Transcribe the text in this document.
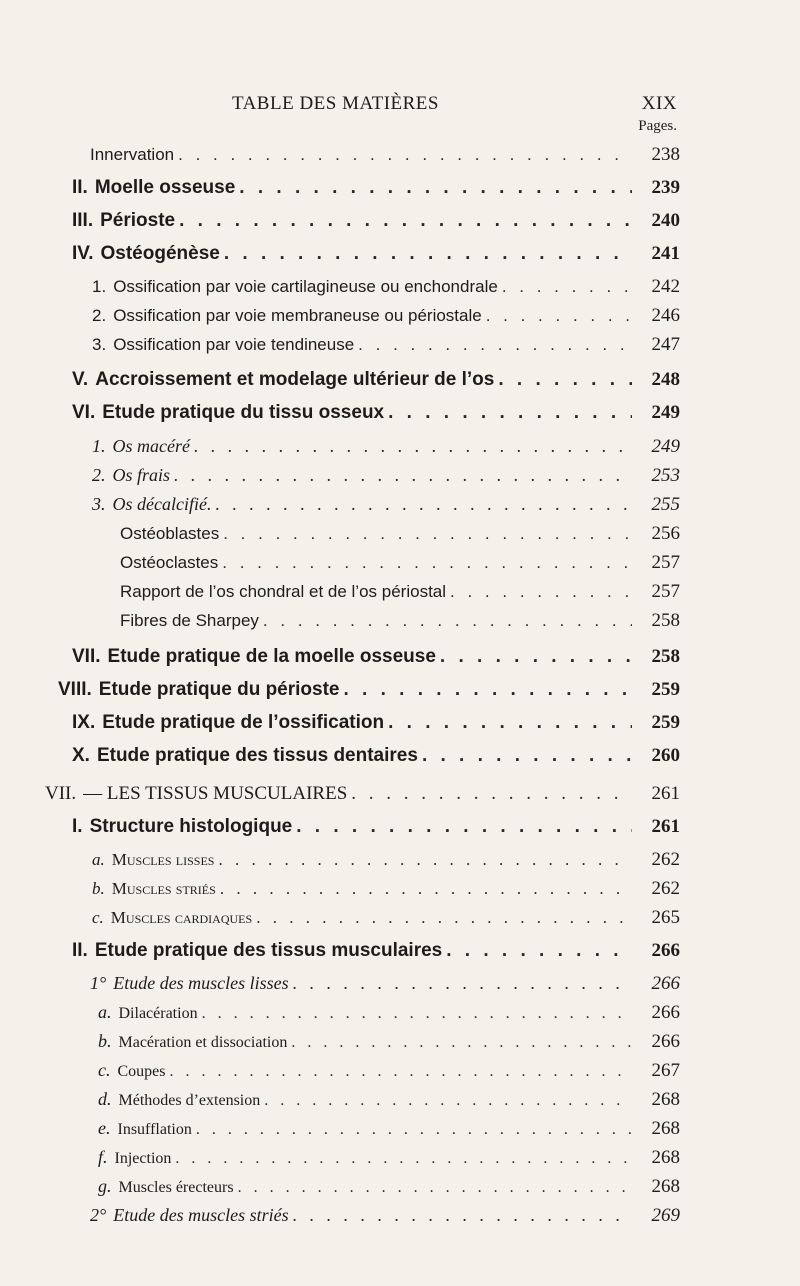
TABLE DES MATIÈRES	XIX
Pages.
Innervation . . .	238
II. Moelle osseuse . . .	239
III. Périoste . . .	240
IV. Ostéogénèse . . .	241
1. Ossification par voie cartilagineuse ou enchondrale . . .	242
2. Ossification par voie membraneuse ou périostale . . .	246
3. Ossification par voie tendineuse . . .	247
V. Accroissement et modelage ultérieur de l’os . . .	248
VI. Etude pratique du tissu osseux . . .	249
1. Os macéré . . .	249
2. Os frais . . .	253
3. Os décalcifié. . . .	255
Ostéoblastes . . .	256
Ostéoclastes . . .	257
Rapport de l’os chondral et de l’os périostal . . .	257
Fibres de Sharpey . . .	258
VII. Etude pratique de la moelle osseuse . . .	258
VIII. Etude pratique du périoste . . .	259
IX. Etude pratique de l’ossification . . .	259
X. Etude pratique des tissus dentaires . . .	260
VII. — LES TISSUS MUSCULAIRES . . .	261
I. Structure histologique . . .	261
a. Muscles lisses . . .	262
b. Muscles striés . . .	262
c. Muscles cardiaques . . .	265
II. Etude pratique des tissus musculaires . . .	266
1° Etude des muscles lisses . . .	266
a. Dilacération . . .	266
b. Macération et dissociation . . .	266
c. Coupes . . .	267
d. Méthodes d’extension . . .	268
e. Insufflation . . .	268
f. Injection . . .	268
g. Muscles érecteurs . . .	268
2° Etude des muscles striés . . .	269
